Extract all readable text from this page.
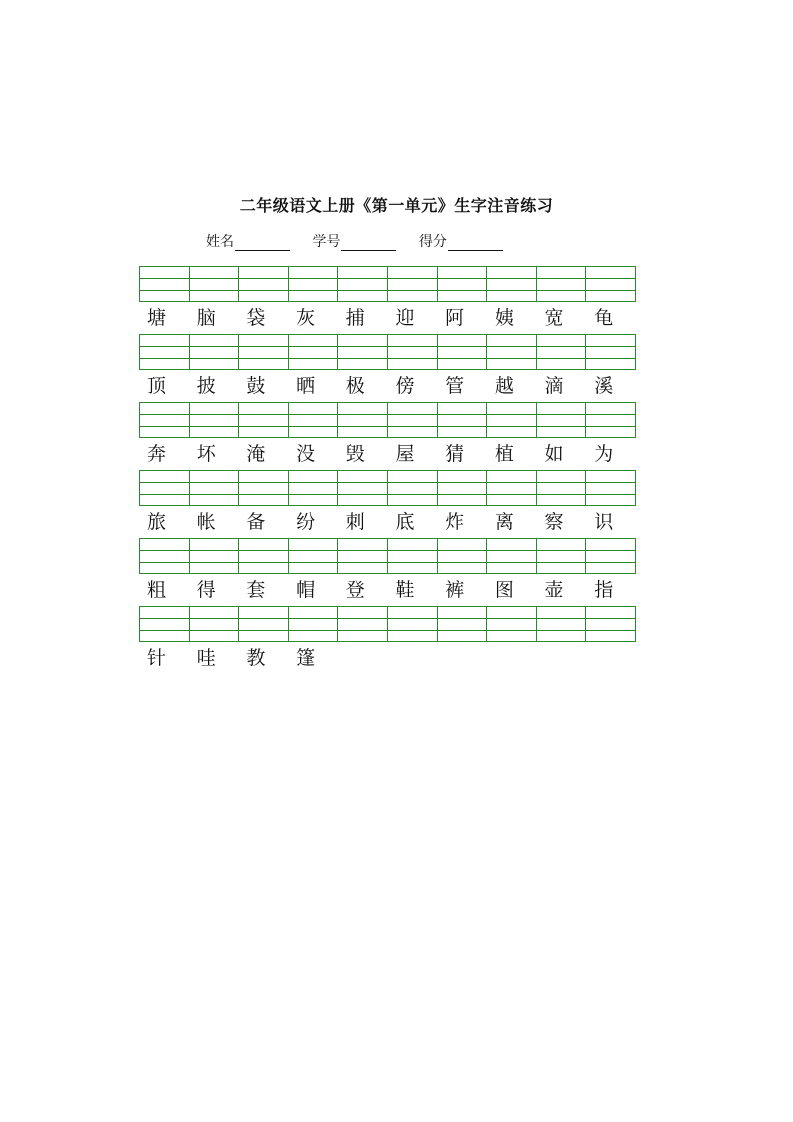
二年级语文上册《第一单元》生字注音练习
姓名	学号	得分
塘	脑	袋	灰	捕	迎	阿	姨	宽	龟
顶	披	鼓	晒	极	傍	管	越	滴	溪
奔	坏	淹	没	毁	屋	猜	植	如	为
旅	帐	备	纷	刺	底	炸	离	察	识
粗	得	套	帽	登	鞋	裤	图	壶	指
针	哇	教	篷
